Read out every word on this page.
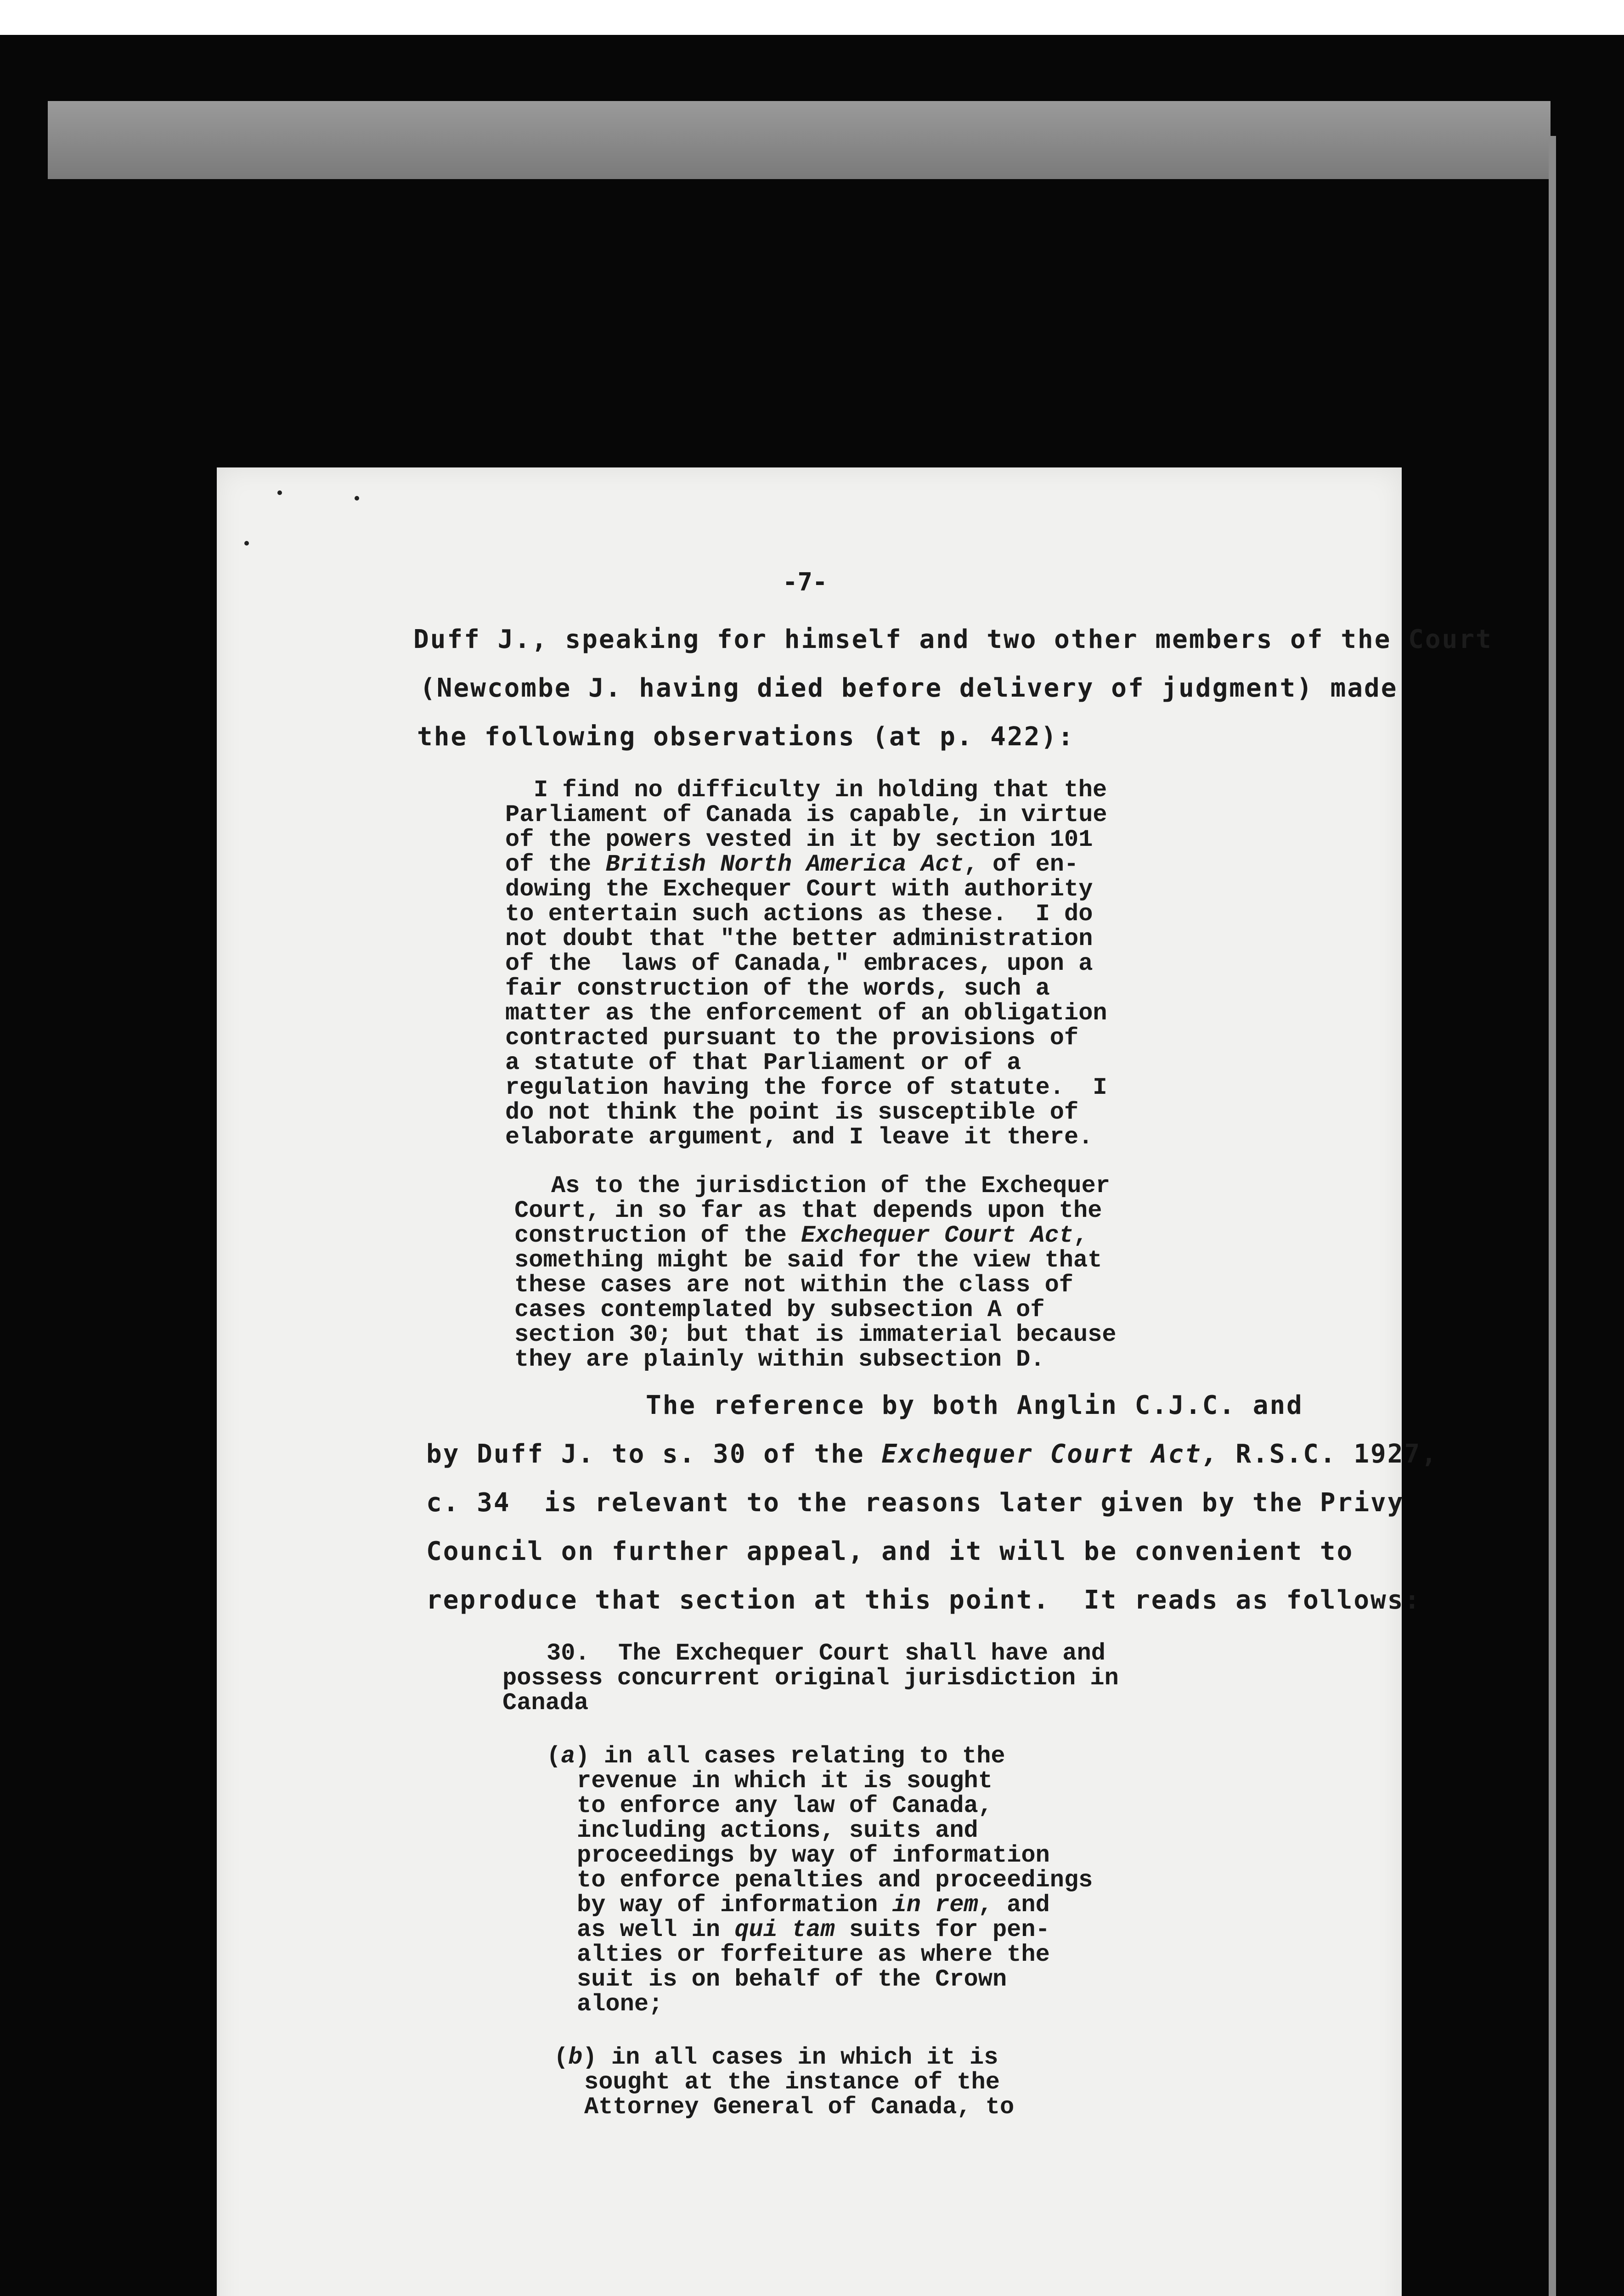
-7-
Duff J., speaking for himself and two other members of the Court
(Newcombe J. having died before delivery of judgment) made
the following observations (at p. 422):
I find no difficulty in holding that the
Parliament of Canada is capable, in virtue
of the powers vested in it by section 101
of the British North America Act, of en-
dowing the Exchequer Court with authority
to entertain such actions as these.  I do
not doubt that "the better administration
of the  laws of Canada," embraces, upon a
fair construction of the words, such a
matter as the enforcement of an obligation
contracted pursuant to the provisions of
a statute of that Parliament or of a
regulation having the force of statute.  I
do not think the point is susceptible of
elaborate argument, and I leave it there.
As to the jurisdiction of the Exchequer
Court, in so far as that depends upon the
construction of the Exchequer Court Act,
something might be said for the view that
these cases are not within the class of
cases contemplated by subsection A of
section 30; but that is immaterial because
they are plainly within subsection D.
The reference by both Anglin C.J.C. and
by Duff J. to s. 30 of the Exchequer Court Act, R.S.C. 1927,
c. 34  is relevant to the reasons later given by the Privy
Council on further appeal, and it will be convenient to
reproduce that section at this point.  It reads as follows:
30.  The Exchequer Court shall have and
possess concurrent original jurisdiction in
Canada
(a) in all cases relating to the
revenue in which it is sought
to enforce any law of Canada,
including actions, suits and
proceedings by way of information
to enforce penalties and proceedings
by way of information in rem, and
as well in qui tam suits for pen-
alties or forfeiture as where the
suit is on behalf of the Crown
alone;
(b) in all cases in which it is
sought at the instance of the
Attorney General of Canada, to
